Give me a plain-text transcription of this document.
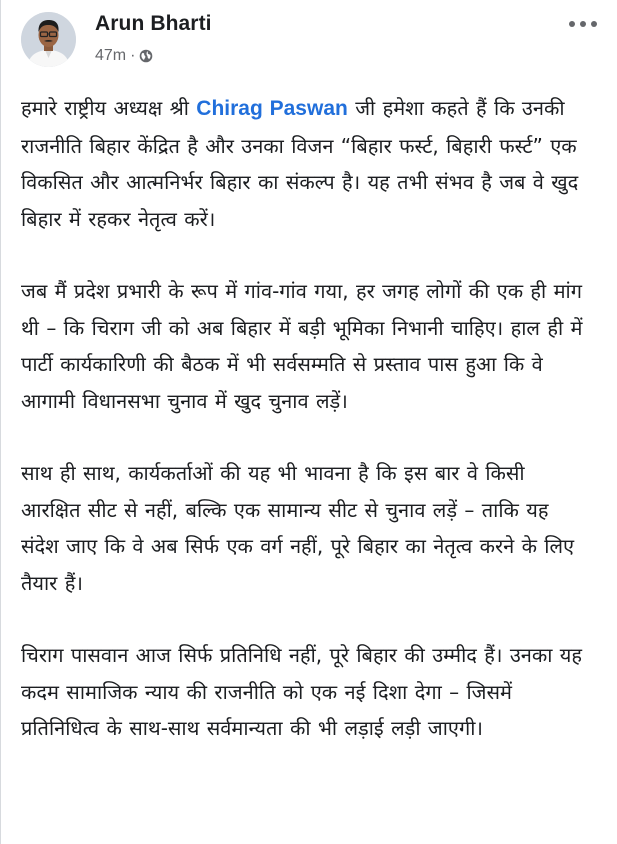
Arun Bharti
47m ·

हमारे राष्ट्रीय अध्यक्ष श्री Chirag Paswan जी हमेशा कहते हैं कि उनकी राजनीति बिहार केंद्रित है और उनका विजन “बिहार फर्स्ट, बिहारी फर्स्ट” एक विकसित और आत्मनिर्भर बिहार का संकल्प है। यह तभी संभव है जब वे खुद बिहार में रहकर नेतृत्व करें।

जब मैं प्रदेश प्रभारी के रूप में गांव-गांव गया, हर जगह लोगों की एक ही मांग थी – कि चिराग जी को अब बिहार में बड़ी भूमिका निभानी चाहिए। हाल ही में पार्टी कार्यकारिणी की बैठक में भी सर्वसम्मति से प्रस्ताव पास हुआ कि वे आगामी विधानसभा चुनाव में खुद चुनाव लड़ें।

साथ ही साथ, कार्यकर्ताओं की यह भी भावना है कि इस बार वे किसी आरक्षित सीट से नहीं, बल्कि एक सामान्य सीट से चुनाव लड़ें – ताकि यह संदेश जाए कि वे अब सिर्फ एक वर्ग नहीं, पूरे बिहार का नेतृत्व करने के लिए तैयार हैं।

चिराग पासवान आज सिर्फ प्रतिनिधि नहीं, पूरे बिहार की उम्मीद हैं। उनका यह कदम सामाजिक न्याय की राजनीति को एक नई दिशा देगा – जिसमें प्रतिनिधित्व के साथ-साथ सर्वमान्यता की भी लड़ाई लड़ी जाएगी।
